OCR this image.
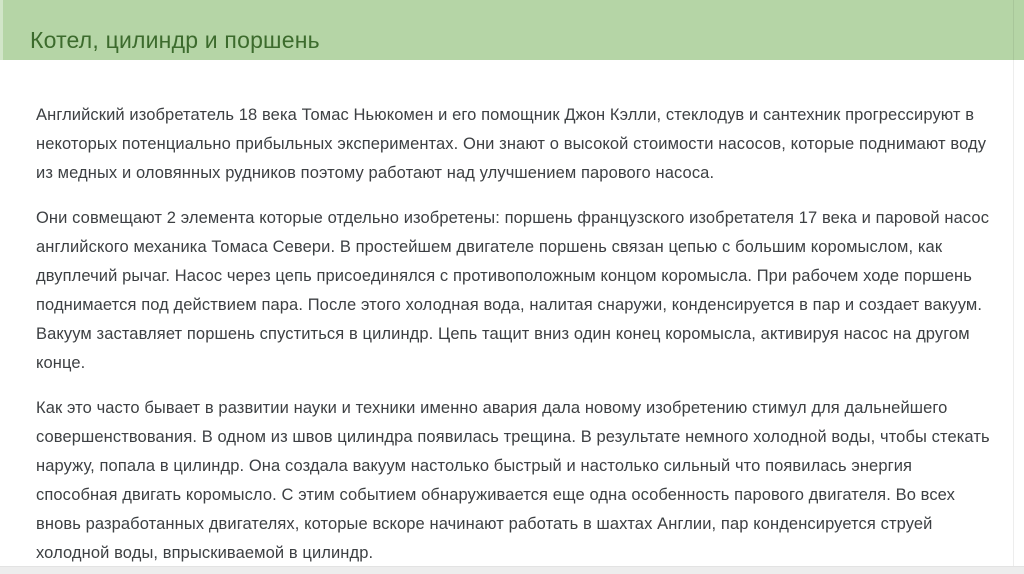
Котел, цилиндр и поршень

Английский изобретатель 18 века Томас Ньюкомен и его помощник Джон Кэлли, стеклодув и сантехник прогрессируют в некоторых потенциально прибыльных экспериментах. Они знают о высокой стоимости насосов, которые поднимают воду из медных и оловянных рудников поэтому работают над улучшением парового насоса.

Они совмещают 2 элемента которые отдельно изобретены: поршень французского изобретателя 17 века и паровой насос английского механика Томаса Севери. В простейшем двигателе поршень связан цепью с большим коромыслом, как двуплечий рычаг. Насос через цепь присоединялся с противоположным концом коромысла. При рабочем ходе поршень поднимается под действием пара. После этого холодная вода, налитая снаружи, конденсируется в пар и создает вакуум. Вакуум заставляет поршень спуститься в цилиндр. Цепь тащит вниз один конец коромысла, активируя насос на другом конце.

Как это часто бывает в развитии науки и техники именно авария дала новому изобретению стимул для дальнейшего совершенствования. В одном из швов цилиндра появилась трещина. В результате немного холодной воды, чтобы стекать наружу, попала в цилиндр. Она создала вакуум настолько быстрый и настолько сильный что появилась энергия способная двигать коромысло. С этим событием обнаруживается еще одна особенность парового двигателя. Во всех вновь разработанных двигателях, которые вскоре начинают работать в шахтах Англии, пар конденсируется струей холодной воды, впрыскиваемой в цилиндр.
